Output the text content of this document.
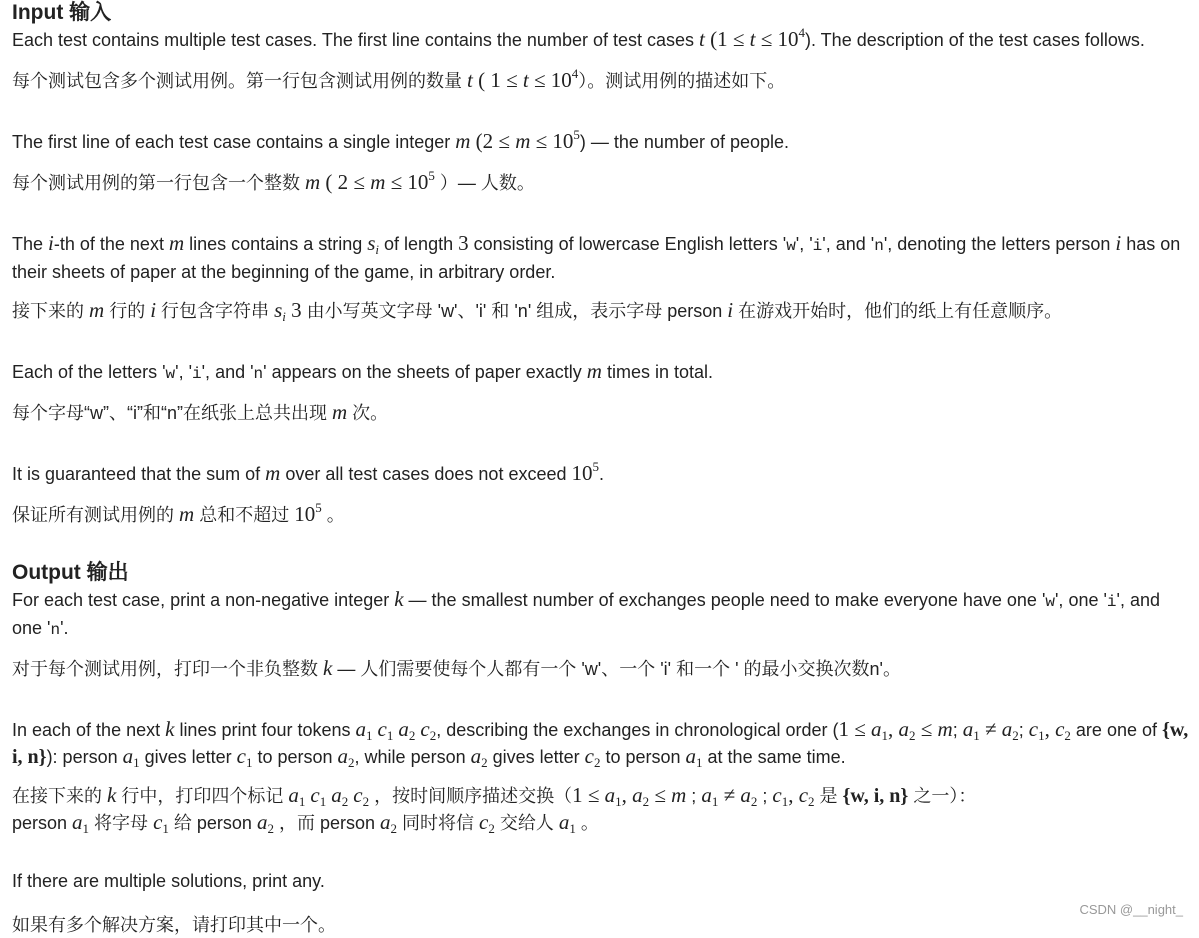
Input 输入

Each test contains multiple test cases. The first line contains the number of test cases t $(1 \le t \le 10^4)$. The description of the test cases follows.

每个测试包含多个测试用例。第一行包含测试用例的数量 t ( $1 \le t \le 10^4$）。测试用例的描述如下。

The first line of each test case contains a single integer m $(2 \le m \le 10^5)$ — the number of people.

每个测试用例的第一行包含一个整数 m ( $2 \le m \le 10^5$ ）— 人数。

The i-th of the next m lines contains a string $s_i$ of length 3 consisting of lowercase English letters 'w', 'i', and 'n', denoting the letters person i has on their sheets of paper at the beginning of the game, in arbitrary order.

接下来的 m 行的 i 行包含字符串 $s_i$ 3 由小写英文字母 'w'、'i' 和 'n' 组成，表示字母 person i 在游戏开始时，他们的纸上有任意顺序。

Each of the letters 'w', 'i', and 'n' appears on the sheets of paper exactly m times in total.

每个字母“w”、“i”和“n”在纸张上总共出现 m 次。

It is guaranteed that the sum of m over all test cases does not exceed $10^5$.

保证所有测试用例的 m 总和不超过 $10^5$ 。

Output 输出

For each test case, print a non-negative integer k — the smallest number of exchanges people need to make everyone have one 'w', one 'i', and one 'n'.

对于每个测试用例，打印一个非负整数 k — 人们需要使每个人都有一个 'w'、一个 'i' 和一个 ' 的最小交换次数n'。

In each of the next k lines print four tokens $a_1$ $c_1$ $a_2$ $c_2$, describing the exchanges in chronological order ($1 \le a_1$, $a_2 \le m$; $a_1 \ne a_2$; $c_1$, $c_2$ are one of {w, i, n}): person $a_1$ gives letter $c_1$ to person $a_2$, while person $a_2$ gives letter $c_2$ to person $a_1$ at the same time.

在接下来的 k 行中，打印四个标记 $a_1$ $c_1$ $a_2$ $c_2$ ，按时间顺序描述交换（$1 \le a_1$, $a_2 \le m$ ; $a_1 \ne a_2$ ; $c_1$, $c_2$ 是 {w, i, n} 之一）：
person $a_1$ 将字母 $c_1$ 给 person $a_2$ ，而 person $a_2$ 同时将信 $c_2$ 交给人 $a_1$ 。

If there are multiple solutions, print any.

如果有多个解决方案，请打印其中一个。
CSDN @__night_
